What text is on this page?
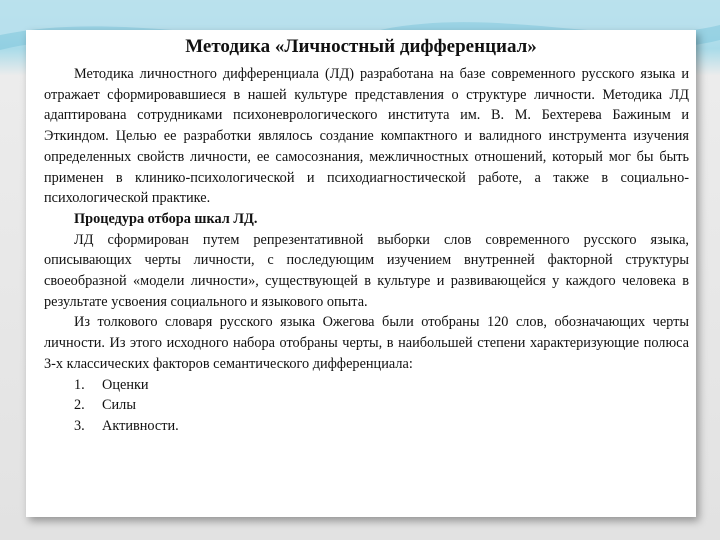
Методика «Личностный дифференциал»

Методика личностного дифференциала (ЛД) разработана на базе современного русского языка и отражает сформировавшиеся в нашей культуре представления о структуре личности. Методика ЛД адаптирована сотрудниками психоневрологического института им. В. М. Бехтерева Бажиным и Эткиндом. Целью ее разработки являлось создание компактного и валидного инструмента изучения определенных свойств личности, ее самосознания, межличностных отношений, который мог бы быть применен в клинико-психологической и психодиагностической работе, а также в социально-психологической практике.

Процедура отбора шкал ЛД.

ЛД сформирован путем репрезентативной выборки слов современного русского языка, описывающих черты личности, с последующим изучением внутренней факторной структуры своеобразной «модели личности», существующей в культуре и развивающейся у каждого человека в результате усвоения социального и языкового опыта.

Из толкового словаря русского языка Ожегова были отобраны 120 слов, обозначающих черты личности. Из этого исходного набора отобраны черты, в наибольшей степени характеризующие полюса 3-х классических факторов семантического дифференциала:

1. Оценки
2. Силы
3. Активности.
